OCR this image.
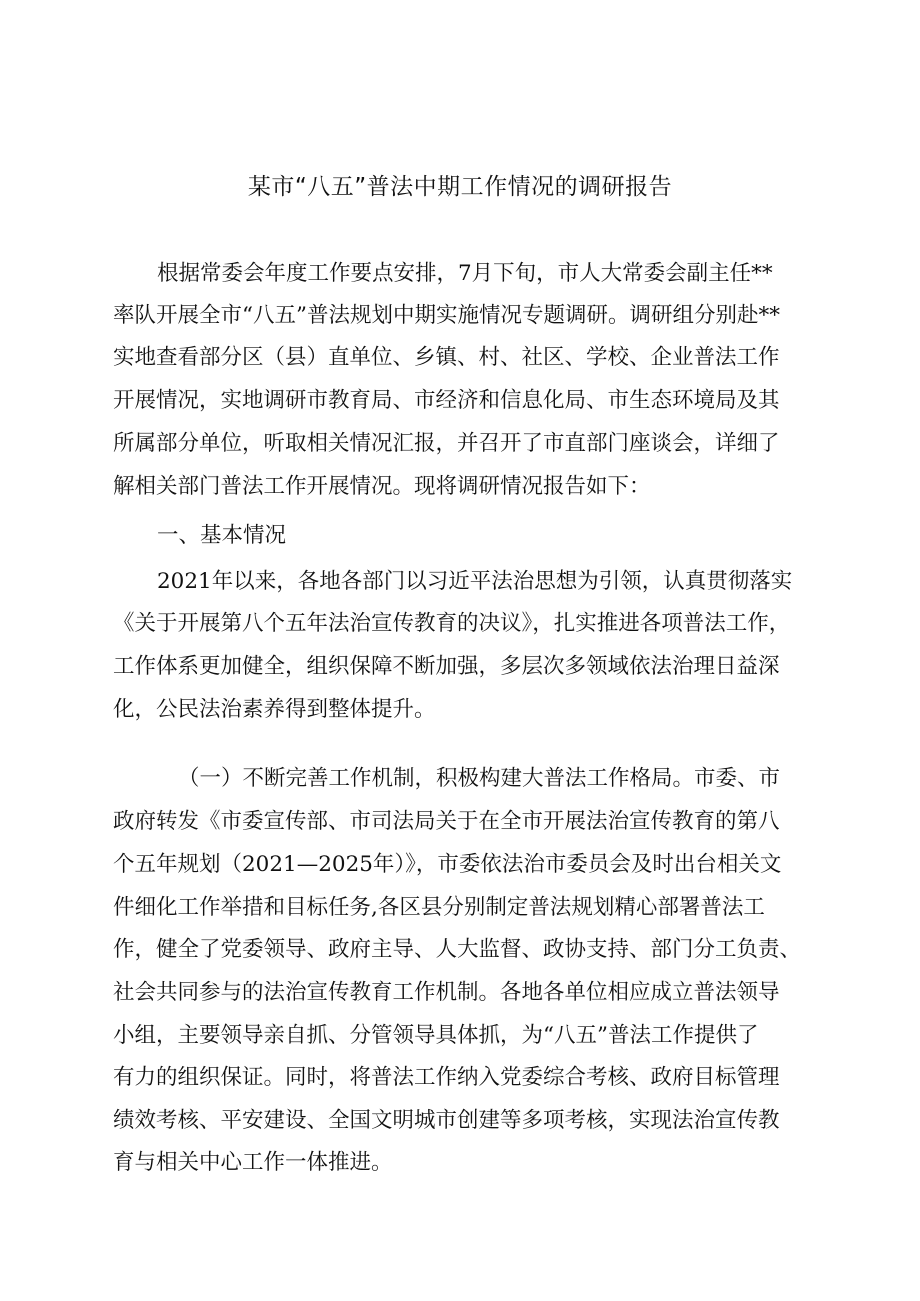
某市“八五”普法中期工作情况的调研报告
根据常委会年度工作要点安排，7月下旬，市人大常委会副主任**
率队开展全市“八五”普法规划中期实施情况专题调研。调研组分别赴**
实地查看部分区（县）直单位、乡镇、村、社区、学校、企业普法工作
开展情况，实地调研市教育局、市经济和信息化局、市生态环境局及其
所属部分单位，听取相关情况汇报，并召开了市直部门座谈会，详细了
解相关部门普法工作开展情况。现将调研情况报告如下：
一、基本情况
2021年以来，各地各部门以习近平法治思想为引领，认真贯彻落实
《关于开展第八个五年法治宣传教育的决议》，扎实推进各项普法工作，
工作体系更加健全，组织保障不断加强，多层次多领域依法治理日益深
化，公民法治素养得到整体提升。
（一）不断完善工作机制，积极构建大普法工作格局。市委、市
政府转发《市委宣传部、市司法局关于在全市开展法治宣传教育的第八
个五年规划（2021—2025年）》，市委依法治市委员会及时出台相关文
件细化工作举措和目标任务,各区县分别制定普法规划精心部署普法工
作，健全了党委领导、政府主导、人大监督、政协支持、部门分工负责、
社会共同参与的法治宣传教育工作机制。各地各单位相应成立普法领导
小组，主要领导亲自抓、分管领导具体抓，为“八五”普法工作提供了
有力的组织保证。同时，将普法工作纳入党委综合考核、政府目标管理
绩效考核、平安建设、全国文明城市创建等多项考核，实现法治宣传教
育与相关中心工作一体推进。
